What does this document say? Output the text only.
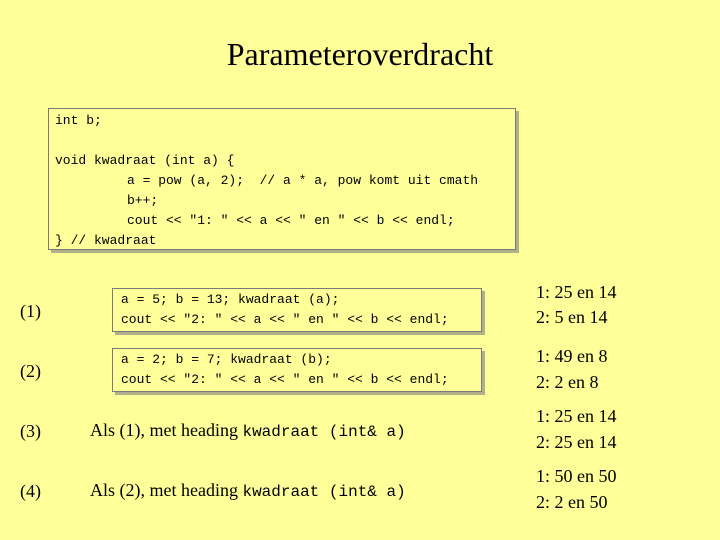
Parameteroverdracht
int b;
void kwadraat (int a) {
a = pow (a, 2);  // a * a, pow komt uit cmath
b++;
cout << "1: " << a << " en " << b << endl;
} // kwadraat
(1)
a = 5; b = 13; kwadraat (a);
cout << "2: " << a << " en " << b << endl;
1: 25 en 14
2: 5 en 14
(2)
a = 2; b = 7; kwadraat (b);
cout << "2: " << a << " en " << b << endl;
1: 49 en 8
2: 2 en 8
(3)	Als (1), met heading kwadraat (int& a)
1: 25 en 14
2: 25 en 14
(4)	Als (2), met heading kwadraat (int& a)
1: 50 en 50
2: 2 en 50
